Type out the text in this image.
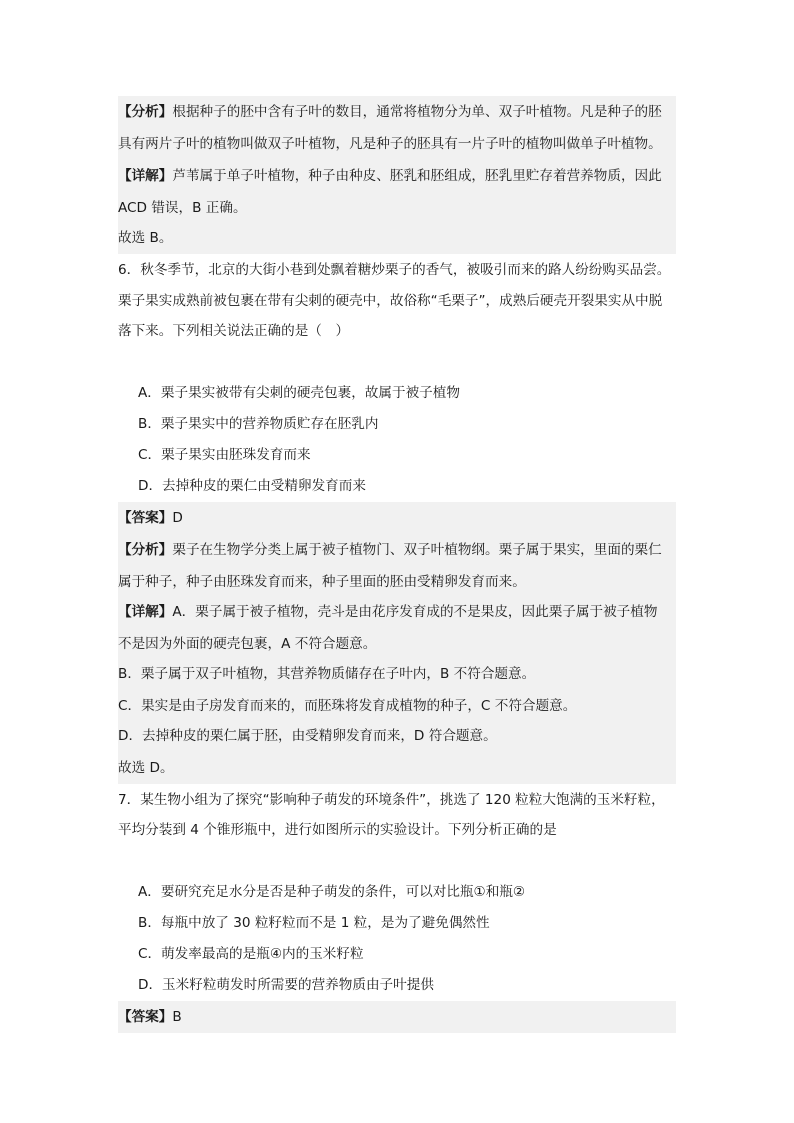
【分析】根据种子的胚中含有子叶的数目，通常将植物分为单、双子叶植物。凡是种子的胚
具有两片子叶的植物叫做双子叶植物，凡是种子的胚具有一片子叶的植物叫做单子叶植物。
【详解】芦苇属于单子叶植物，种子由种皮、胚乳和胚组成，胚乳里贮存着营养物质，因此
ACD 错误，B 正确。
故选 B。
6．秋冬季节，北京的大街小巷到处飘着糖炒栗子的香气，被吸引而来的路人纷纷购买品尝。
栗子果实成熟前被包裹在带有尖刺的硬壳中，故俗称“毛栗子”，成熟后硬壳开裂果实从中脱
落下来。下列相关说法正确的是（　）
A．栗子果实被带有尖刺的硬壳包裹，故属于被子植物
B．栗子果实中的营养物质贮存在胚乳内
C．栗子果实由胚珠发育而来
D．去掉种皮的栗仁由受精卵发育而来
【答案】D
【分析】栗子在生物学分类上属于被子植物门、双子叶植物纲。栗子属于果实，里面的栗仁
属于种子，种子由胚珠发育而来，种子里面的胚由受精卵发育而来。
【详解】A．栗子属于被子植物，壳斗是由花序发育成的不是果皮，因此栗子属于被子植物
不是因为外面的硬壳包裹，A 不符合题意。
B．栗子属于双子叶植物，其营养物质储存在子叶内，B 不符合题意。
C．果实是由子房发育而来的，而胚珠将发育成植物的种子，C 不符合题意。
D．去掉种皮的栗仁属于胚，由受精卵发育而来，D 符合题意。
故选 D。
7．某生物小组为了探究“影响种子萌发的环境条件”，挑选了 120 粒粒大饱满的玉米籽粒，
平均分装到 4 个锥形瓶中，进行如图所示的实验设计。下列分析正确的是
A．要研究充足水分是否是种子萌发的条件，可以对比瓶①和瓶②
B．每瓶中放了 30 粒籽粒而不是 1 粒，是为了避免偶然性
C．萌发率最高的是瓶④内的玉米籽粒
D．玉米籽粒萌发时所需要的营养物质由子叶提供
【答案】B
